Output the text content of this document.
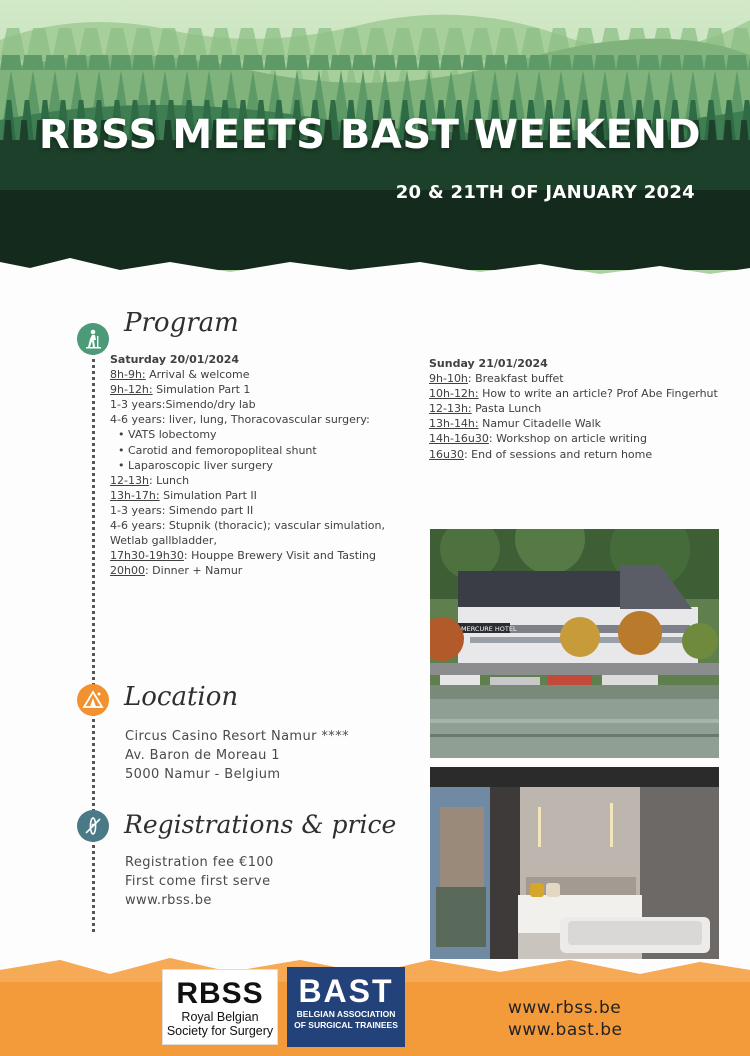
RBSS MEETS BAST WEEKEND
20 & 21TH OF JANUARY 2024
Program
Saturday 20/01/2024
8h-9h: Arrival & welcome
9h-12h: Simulation Part 1
1-3 years:Simendo/dry lab
4-6 years: liver, lung, Thoracovascular surgery:
• VATS lobectomy
• Carotid and femoropopliteal shunt
• Laparoscopic liver surgery
12-13h: Lunch
13h-17h: Simulation Part II
1-3 years: Simendo part II
4-6 years: Stupnik (thoracic); vascular simulation,
Wetlab gallbladder,
17h30-19h30: Houppe Brewery Visit and Tasting
20h00: Dinner + Namur
Sunday 21/01/2024
9h-10h: Breakfast buffet
10h-12h: How to write an article? Prof Abe Fingerhut
12-13h: Pasta Lunch
13h-14h: Namur Citadelle Walk
14h-16u30: Workshop on article writing
16u30: End of sessions and return home
MERCURE HOTEL
Location
Circus Casino Resort Namur ****
Av. Baron de Moreau 1
5000 Namur - Belgium
Registrations & price
Registration fee €100
First come first serve
www.rbss.be
RBSS
Royal Belgian
Society for Surgery
BAST
BELGIAN ASSOCIATION
OF SURGICAL TRAINEES
www.rbss.be
www.bast.be
